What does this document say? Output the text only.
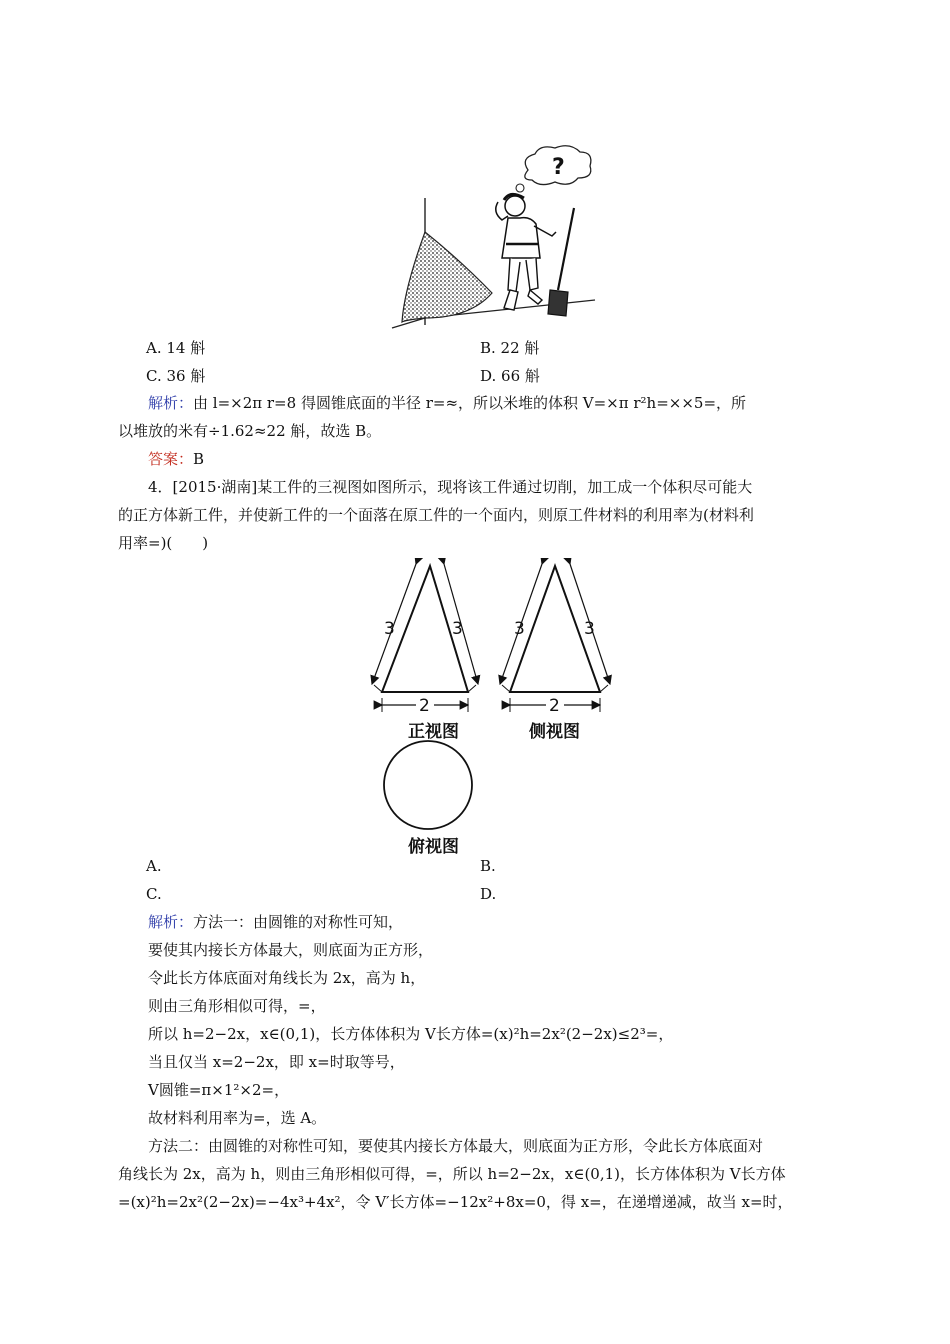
?
A. 14 斛	B. 22 斛
C. 36 斛	D. 66 斛
解析：由 l=×2π r=8 得圆锥底面的半径 r=≈，所以米堆的体积 V=×π r²h=××5=，所
以堆放的米有÷1.62≈22 斛，故选 B。
答案：B
4．[2015·湖南]某工件的三视图如图所示，现将该工件通过切削，加工成一个体积尽可能大
的正方体新工件，并使新工件的一个面落在原工件的一个面内，则原工件材料的利用率为(材料利
用率=)(　　)
3	3
2
3	3
2
正视图	侧视图
俯视图
A.	B.
C.	D.
解析：方法一：由圆锥的对称性可知，
要使其内接长方体最大，则底面为正方形，
令此长方体底面对角线长为 2x，高为 h，
则由三角形相似可得，=，
所以 h=2−2x，x∈(0,1)，长方体体积为 V长方体=(x)²h=2x²(2−2x)≤2³=，
当且仅当 x=2−2x，即 x=时取等号，
V圆锥=π×1²×2=，
故材料利用率为=，选 A。
方法二：由圆锥的对称性可知，要使其内接长方体最大，则底面为正方形，令此长方体底面对
角线长为 2x，高为 h，则由三角形相似可得，=，所以 h=2−2x，x∈(0,1)，长方体体积为 V长方体
=(x)²h=2x²(2−2x)=−4x³+4x²，令 V′长方体=−12x²+8x=0，得 x=，在递增递减，故当 x=时，
